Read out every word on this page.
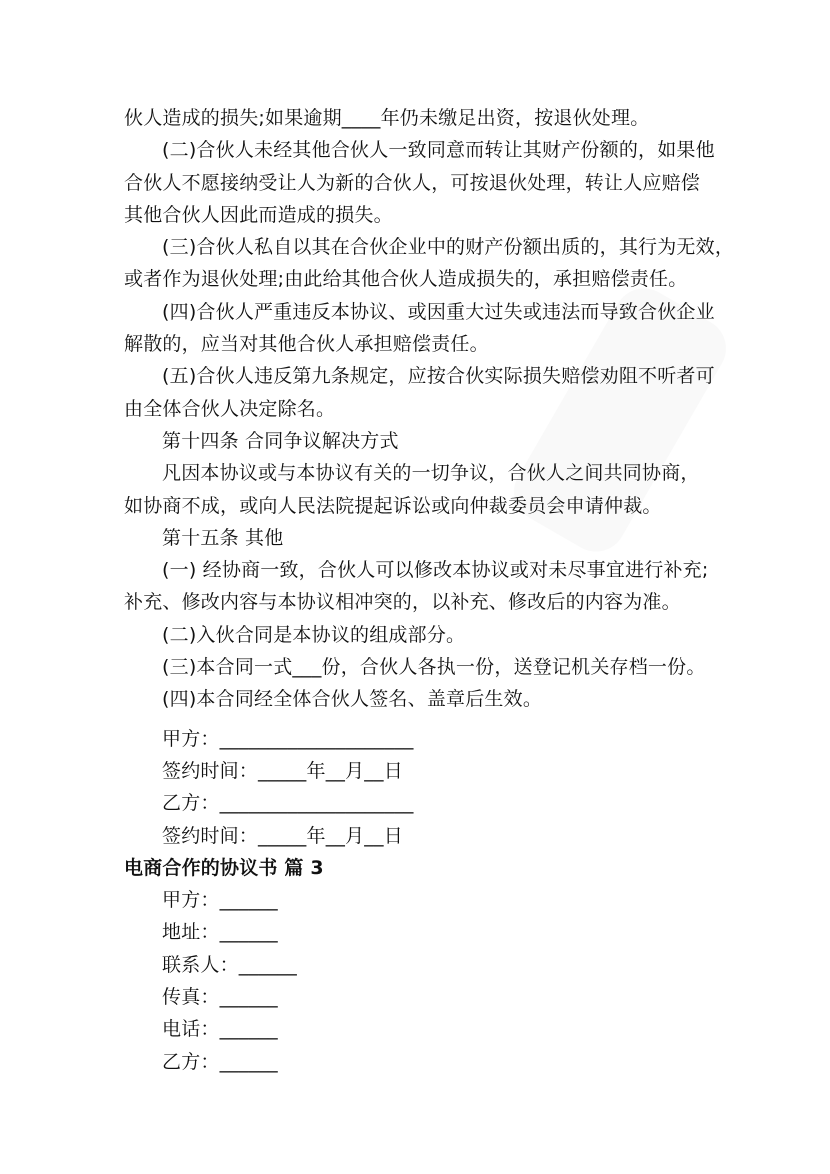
伙人造成的损失;如果逾期____年仍未缴足出资，按退伙处理。
(二)合伙人未经其他合伙人一致同意而转让其财产份额的，如果他
合伙人不愿接纳受让人为新的合伙人，可按退伙处理，转让人应赔偿
其他合伙人因此而造成的损失。
(三)合伙人私自以其在合伙企业中的财产份额出质的，其行为无效，
或者作为退伙处理;由此给其他合伙人造成损失的，承担赔偿责任。
(四)合伙人严重违反本协议、或因重大过失或违法而导致合伙企业
解散的，应当对其他合伙人承担赔偿责任。
(五)合伙人违反第九条规定，应按合伙实际损失赔偿劝阻不听者可
由全体合伙人决定除名。
第十四条 合同争议解决方式
凡因本协议或与本协议有关的一切争议，合伙人之间共同协商，
如协商不成，或向人民法院提起诉讼或向仲裁委员会申请仲裁。
第十五条 其他
(一) 经协商一致，合伙人可以修改本协议或对未尽事宜进行补充;
补充、修改内容与本协议相冲突的，以补充、修改后的内容为准。
(二)入伙合同是本协议的组成部分。
(三)本合同一式___份，合伙人各执一份，送登记机关存档一份。
(四)本合同经全体合伙人签名、盖章后生效。
甲方：____________________
签约时间：_____年__月__日
乙方：____________________
签约时间：_____年__月__日
电商合作的协议书 篇 3
甲方：______
地址：______
联系人：______
传真：______
电话：______
乙方：______
